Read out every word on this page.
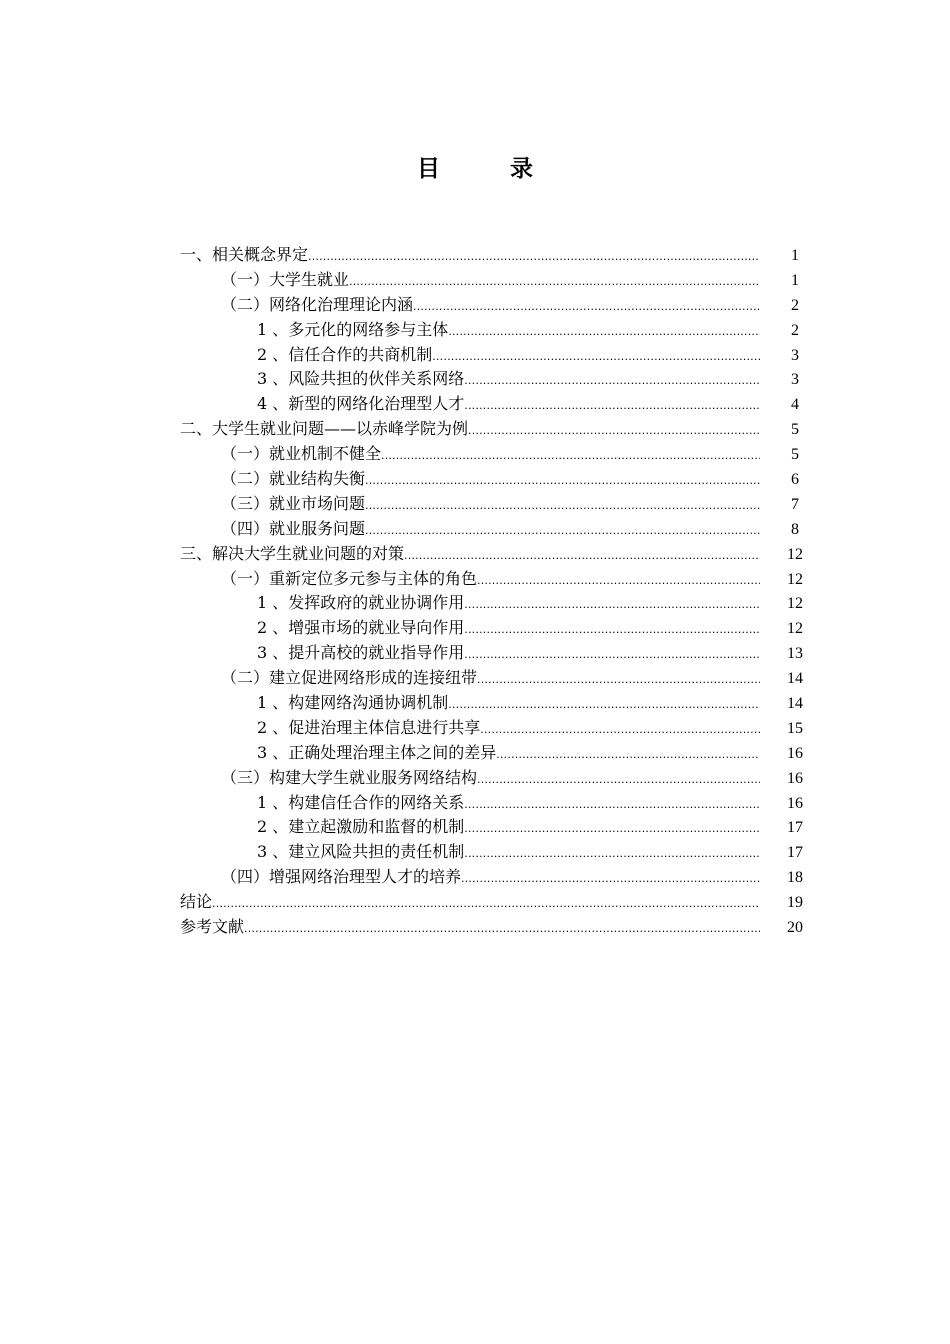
目	录
一、相关概念界定 .....	1
（一）大学生就业 .....	1
（二）网络化治理理论内涵 .....	2
1 、多元化的网络参与主体 .....	2
2 、信任合作的共商机制 .....	3
3 、风险共担的伙伴关系网络 .....	3
4 、新型的网络化治理型人才 .....	4
二、大学生就业问题——以赤峰学院为例 .....	5
（一）就业机制不健全 .....	5
（二）就业结构失衡 .....	6
（三）就业市场问题 .....	7
（四）就业服务问题 .....	8
三、解决大学生就业问题的对策 .....	12
（一）重新定位多元参与主体的角色 .....	12
1 、发挥政府的就业协调作用 .....	12
2 、增强市场的就业导向作用 .....	12
3 、提升高校的就业指导作用 .....	13
（二）建立促进网络形成的连接纽带 .....	14
1 、构建网络沟通协调机制 .....	14
2 、促进治理主体信息进行共享 .....	15
3 、正确处理治理主体之间的差异 .....	16
（三）构建大学生就业服务网络结构 .....	16
1 、构建信任合作的网络关系 .....	16
2 、建立起激励和监督的机制 .....	17
3 、建立风险共担的责任机制 .....	17
（四）增强网络治理型人才的培养 .....	18
结论 .....	19
参考文献 .....	20
